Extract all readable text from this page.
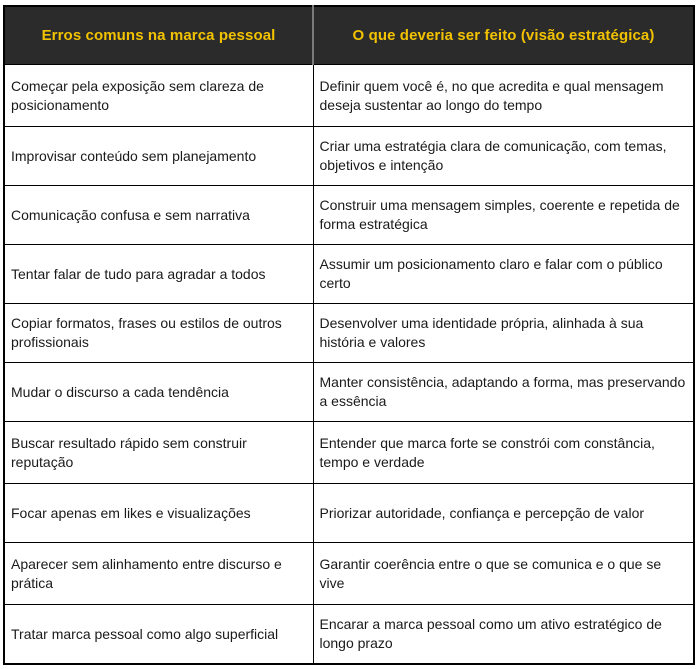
Erros comuns na marca pessoal	O que deveria ser feito (visão estratégica)
Começar pela exposição sem clareza de posicionamento	Definir quem você é, no que acredita e qual mensagem deseja sustentar ao longo do tempo
Improvisar conteúdo sem planejamento	Criar uma estratégia clara de comunicação, com temas, objetivos e intenção
Comunicação confusa e sem narrativa	Construir uma mensagem simples, coerente e repetida de forma estratégica
Tentar falar de tudo para agradar a todos	Assumir um posicionamento claro e falar com o público certo
Copiar formatos, frases ou estilos de outros profissionais	Desenvolver uma identidade própria, alinhada à sua história e valores
Mudar o discurso a cada tendência	Manter consistência, adaptando a forma, mas preservando a essência
Buscar resultado rápido sem construir reputação	Entender que marca forte se constrói com constância, tempo e verdade
Focar apenas em likes e visualizações	Priorizar autoridade, confiança e percepção de valor
Aparecer sem alinhamento entre discurso e prática	Garantir coerência entre o que se comunica e o que se vive
Tratar marca pessoal como algo superficial	Encarar a marca pessoal como um ativo estratégico de longo prazo
